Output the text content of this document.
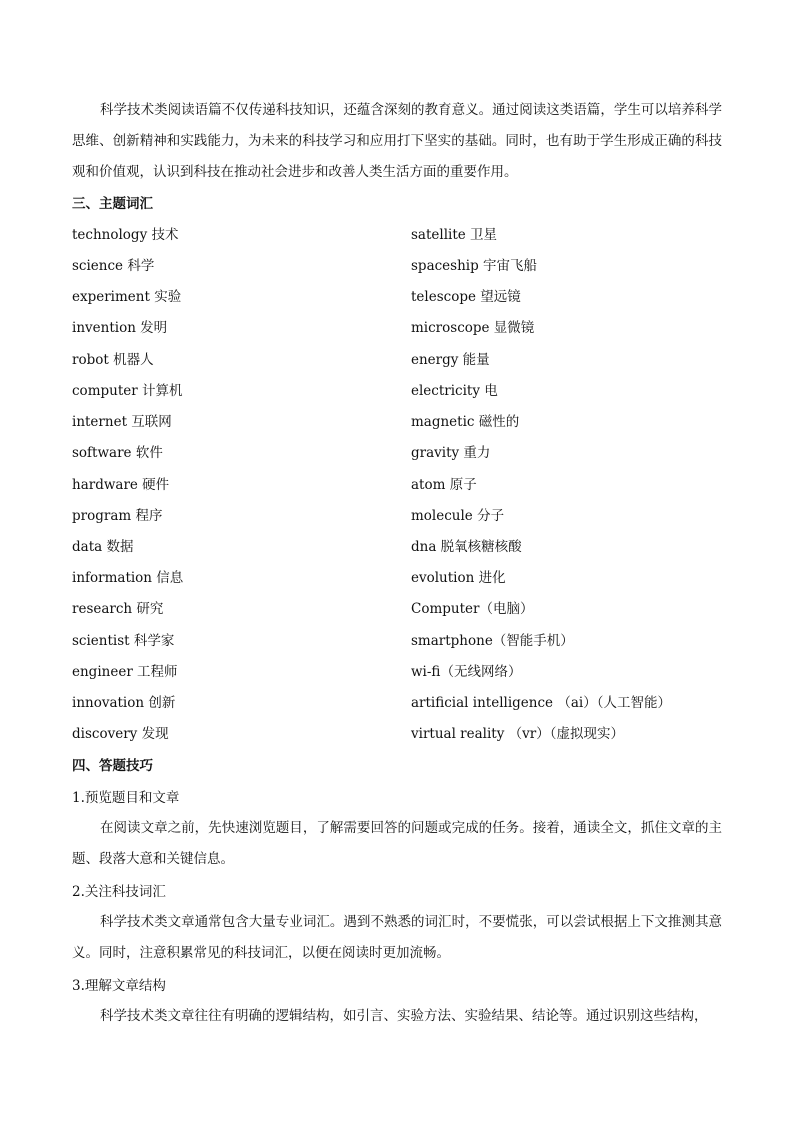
科学技术类阅读语篇不仅传递科技知识，还蕴含深刻的教育意义。通过阅读这类语篇，学生可以培养科学思维、创新精神和实践能力，为未来的科技学习和应用打下坚实的基础。同时，也有助于学生形成正确的科技观和价值观，认识到科技在推动社会进步和改善人类生活方面的重要作用。

三、主题词汇

technology 技术	satellite 卫星
science 科学	spaceship 宇宙飞船
experiment 实验	telescope 望远镜
invention 发明	microscope 显微镜
robot 机器人	energy 能量
computer 计算机	electricity 电
internet 互联网	magnetic 磁性的
software 软件	gravity 重力
hardware 硬件	atom 原子
program 程序	molecule 分子
data 数据	dna 脱氧核糖核酸
information 信息	evolution 进化
research 研究	Computer（电脑）
scientist 科学家	smartphone（智能手机）
engineer 工程师	wi-fi（无线网络）
innovation 创新	artificial intelligence （ai）（人工智能）
discovery 发现	virtual reality （vr）（虚拟现实）

四、答题技巧

1.预览题目和文章

在阅读文章之前，先快速浏览题目，了解需要回答的问题或完成的任务。接着，通读全文，抓住文章的主题、段落大意和关键信息。

2.关注科技词汇

科学技术类文章通常包含大量专业词汇。遇到不熟悉的词汇时，不要慌张，可以尝试根据上下文推测其意义。同时，注意积累常见的科技词汇，以便在阅读时更加流畅。

3.理解文章结构

科学技术类文章往往有明确的逻辑结构，如引言、实验方法、实验结果、结论等。通过识别这些结构，
